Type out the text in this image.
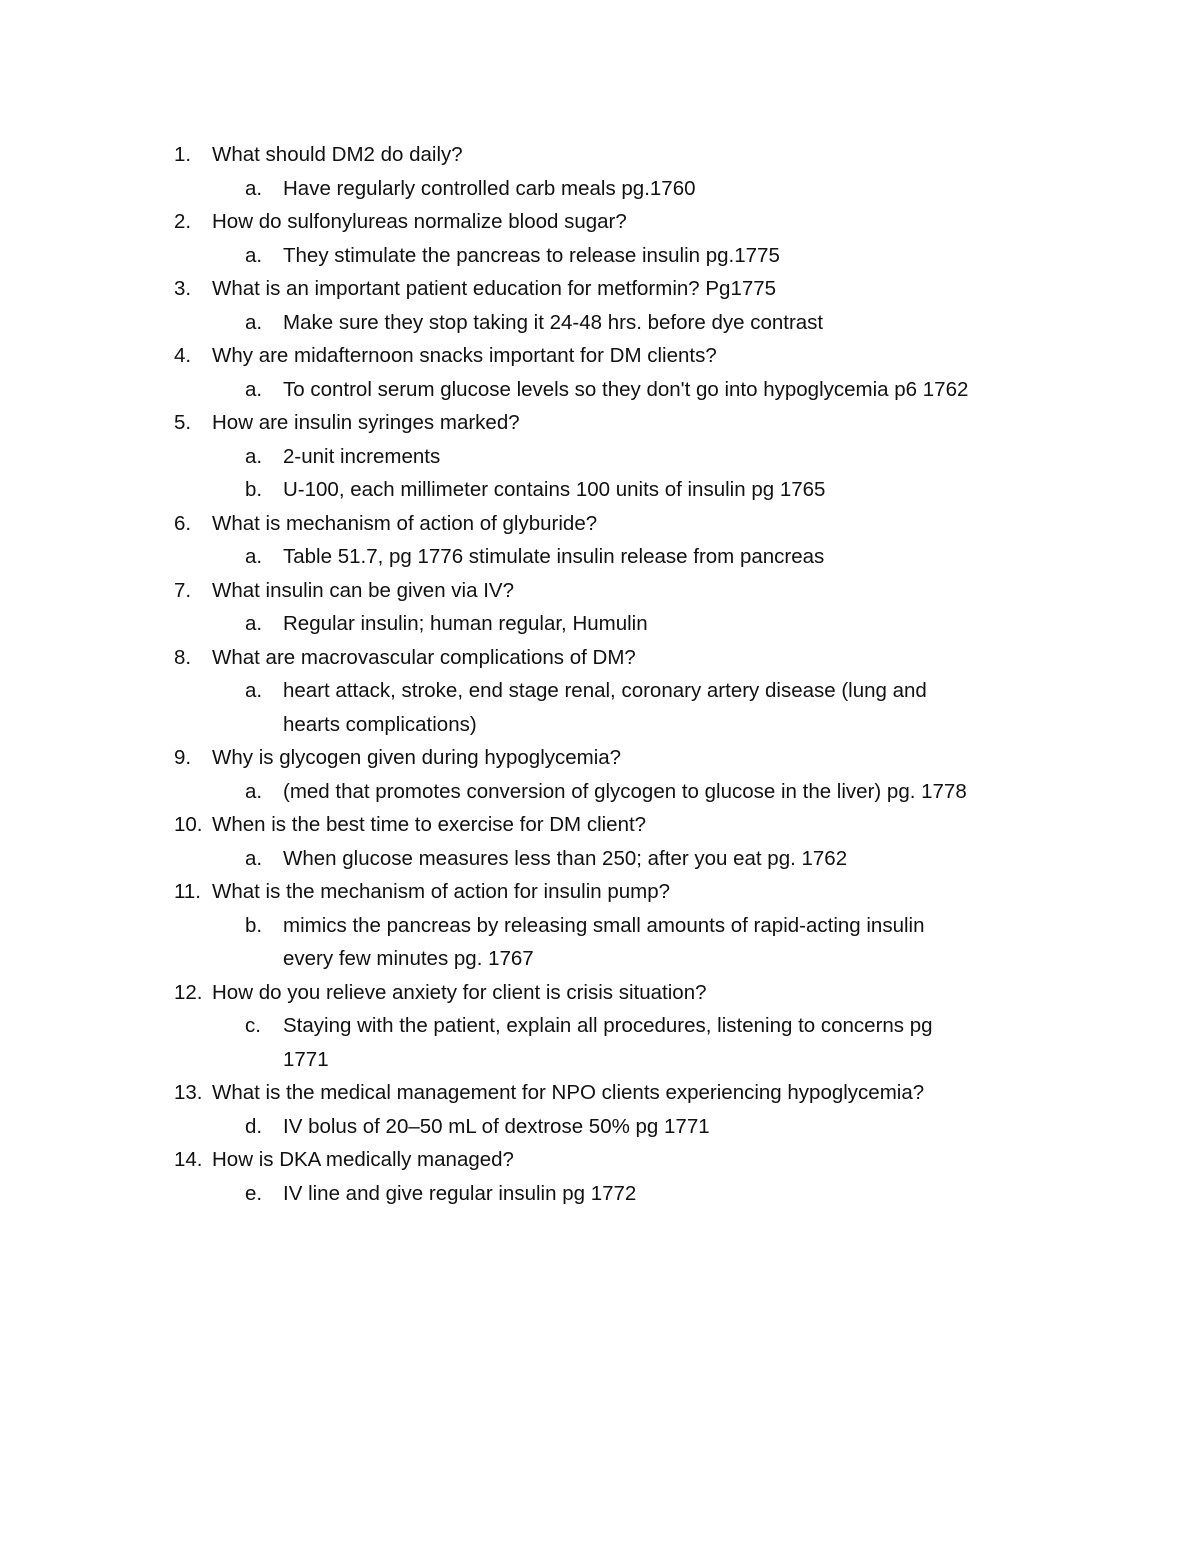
1.	What should DM2 do daily?
a.	Have regularly controlled carb meals pg.1760
2.	How do sulfonylureas normalize blood sugar?
a.	They stimulate the pancreas to release insulin pg.1775
3.	What is an important patient education for metformin? Pg1775
a.	Make sure they stop taking it 24-48 hrs. before dye contrast
4.	Why are midafternoon snacks important for DM clients?
a.	To control serum glucose levels so they don't go into hypoglycemia p6 1762
5.	How are insulin syringes marked?
a.	2-unit increments
b.	U-100, each millimeter contains 100 units of insulin pg 1765
6.	What is mechanism of action of glyburide?
a.	Table 51.7, pg 1776 stimulate insulin release from pancreas
7.	What insulin can be given via IV?
a.	Regular insulin; human regular, Humulin
8.	What are macrovascular complications of DM?
a.	heart attack, stroke, end stage renal, coronary artery disease (lung and
hearts complications)
9.	Why is glycogen given during hypoglycemia?
a.	(med that promotes conversion of glycogen to glucose in the liver) pg. 1778
10. When is the best time to exercise for DM client?
a.	When glucose measures less than 250; after you eat pg. 1762
11. What is the mechanism of action for insulin pump?
b.	mimics the pancreas by releasing small amounts of rapid-acting insulin
every few minutes pg. 1767
12. How do you relieve anxiety for client is crisis situation?
c.	Staying with the patient, explain all procedures, listening to concerns pg
1771
13. What is the medical management for NPO clients experiencing hypoglycemia?
d.	IV bolus of 20–50 mL of dextrose 50% pg 1771
14. How is DKA medically managed?
e.	IV line and give regular insulin pg 1772
